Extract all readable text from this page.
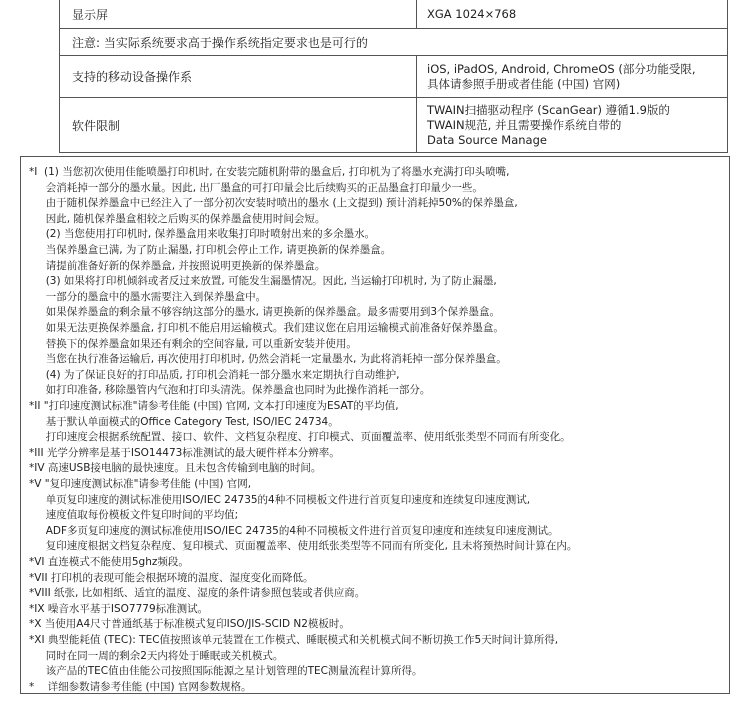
显示屏	XGA 1024×768
注意: 当实际系统要求高于操作系统指定要求也是可行的
支持的移动设备操作系
iOS, iPadOS, Android, ChromeOS (部分功能受限,
具体请参照手册或者佳能 (中国) 官网)
软件限制
TWAIN扫描驱动程序 (ScanGear) 遵循1.9版的
TWAIN规范, 并且需要操作系统自带的
Data Source Manage
*I  (1) 当您初次使用佳能喷墨打印机时, 在安装完随机附带的墨盒后, 打印机为了将墨水充满打印头喷嘴,
会消耗掉一部分的墨水量。因此, 出厂墨盒的可打印量会比后续购买的正品墨盒打印量少一些。
由于随机保养墨盒中已经注入了一部分初次安装时喷出的墨水 (上文提到) 预计消耗掉50%的保养墨盒,
因此, 随机保养墨盒相较之后购买的保养墨盒使用时间会短。
(2) 当您使用打印机时, 保养墨盒用来收集打印时喷射出来的多余墨水。
当保养墨盒已满, 为了防止漏墨, 打印机会停止工作, 请更换新的保养墨盒。
请提前准备好新的保养墨盒, 并按照说明更换新的保养墨盒。
(3) 如果将打印机倾斜或者反过来放置, 可能发生漏墨情况。因此, 当运输打印机时, 为了防止漏墨,
一部分的墨盒中的墨水需要注入到保养墨盒中。
如果保养墨盒的剩余量不够容纳这部分的墨水, 请更换新的保养墨盒。最多需要用到3个保养墨盒。
如果无法更换保养墨盒, 打印机不能启用运输模式。我们建议您在启用运输模式前准备好保养墨盒。
替换下的保养墨盒如果还有剩余的空间容量, 可以重新安装并使用。
当您在执行准备运输后, 再次使用打印机时, 仍然会消耗一定量墨水, 为此将消耗掉一部分保养墨盒。
(4) 为了保证良好的打印品质, 打印机会消耗一部分墨水来定期执行自动维护,
如打印准备, 移除墨管内气泡和打印头清洗。保养墨盒也同时为此操作消耗一部分。
*II "打印速度测试标准"请参考佳能 (中国) 官网, 文本打印速度为ESAT的平均值,
基于默认单面模式的Office Category Test, ISO/IEC 24734。
打印速度会根据系统配置、接口、软件、文档复杂程度、打印模式、页面覆盖率、使用纸张类型不同而有所变化。
*III 光学分辨率是基于ISO14473标准测试的最大硬件样本分辨率。
*IV 高速USB接电脑的最快速度。且未包含传输到电脑的时间。
*V "复印速度测试标准"请参考佳能 (中国) 官网,
单页复印速度的测试标准使用ISO/IEC 24735的4种不同模板文件进行首页复印速度和连续复印速度测试,
速度值取每份模板文件复印时间的平均值;
ADF多页复印速度的测试标准使用ISO/IEC 24735的4种不同模板文件进行首页复印速度和连续复印速度测试。
复印速度根据文档复杂程度、复印模式、页面覆盖率、使用纸张类型等不同而有所变化, 且未将预热时间计算在内。
*VI 直连模式不能使用5ghz频段。
*VII 打印机的表现可能会根据环境的温度、湿度变化而降低。
*VIII 纸张, 比如相纸、适宜的温度、湿度的条件请参照包装或者供应商。
*IX 噪音水平基于ISO7779标准测试。
*X 当使用A4尺寸普通纸基于标准模式复印ISO/JIS-SCID N2模板时。
*XI 典型能耗值 (TEC): TEC值按照该单元装置在工作模式、睡眠模式和关机模式间不断切换工作5天时间计算所得,
同时在同一周的剩余2天内将处于睡眠或关机模式。
该产品的TEC值由佳能公司按照国际能源之星计划管理的TEC测量流程计算所得。
*    详细参数请参考佳能 (中国) 官网参数规格。
